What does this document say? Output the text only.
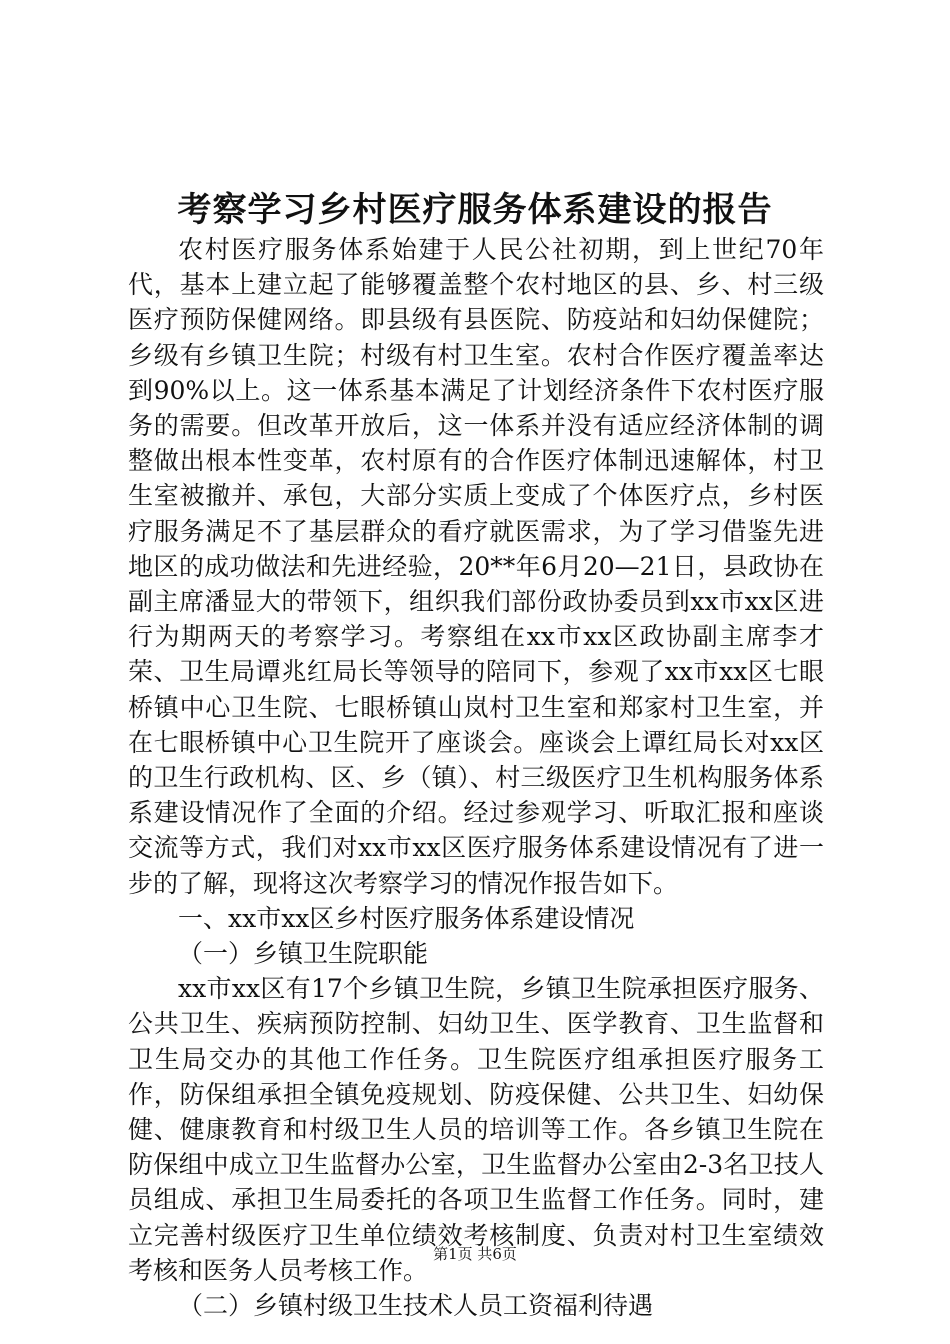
考察学习乡村医疗服务体系建设的报告

农村医疗服务体系始建于人民公社初期，到上世纪70年代，基本上建立起了能够覆盖整个农村地区的县、乡、村三级医疗预防保健网络。即县级有县医院、防疫站和妇幼保健院；乡级有乡镇卫生院；村级有村卫生室。农村合作医疗覆盖率达到90%以上。这一体系基本满足了计划经济条件下农村医疗服务的需要。但改革开放后，这一体系并没有适应经济体制的调整做出根本性变革，农村原有的合作医疗体制迅速解体，村卫生室被撤并、承包，大部分实质上变成了个体医疗点，乡村医疗服务满足不了基层群众的看疗就医需求，为了学习借鉴先进地区的成功做法和先进经验，20**年6月20—21日，县政协在副主席潘显大的带领下，组织我们部份政协委员到xx市xx区进行为期两天的考察学习。考察组在xx市xx区政协副主席李才荣、卫生局谭兆红局长等领导的陪同下，参观了xx市xx区七眼桥镇中心卫生院、七眼桥镇山岚村卫生室和郑家村卫生室，并在七眼桥镇中心卫生院开了座谈会。座谈会上谭红局长对xx区的卫生行政机构、区、乡（镇）、村三级医疗卫生机构服务体系系建设情况作了全面的介绍。经过参观学习、听取汇报和座谈交流等方式，我们对xx市xx区医疗服务体系建设情况有了进一步的了解，现将这次考察学习的情况作报告如下。

一、xx市xx区乡村医疗服务体系建设情况

（一）乡镇卫生院职能

xx市xx区有17个乡镇卫生院，乡镇卫生院承担医疗服务、公共卫生、疾病预防控制、妇幼卫生、医学教育、卫生监督和卫生局交办的其他工作任务。卫生院医疗组承担医疗服务工作，防保组承担全镇免疫规划、防疫保健、公共卫生、妇幼保健、健康教育和村级卫生人员的培训等工作。各乡镇卫生院在防保组中成立卫生监督办公室，卫生监督办公室由2-3名卫技人员组成、承担卫生局委托的各项卫生监督工作任务。同时，建立完善村级医疗卫生单位绩效考核制度、负责对村卫生室绩效考核和医务人员考核工作。

（二）乡镇村级卫生技术人员工资福利待遇

第1页 共6页
